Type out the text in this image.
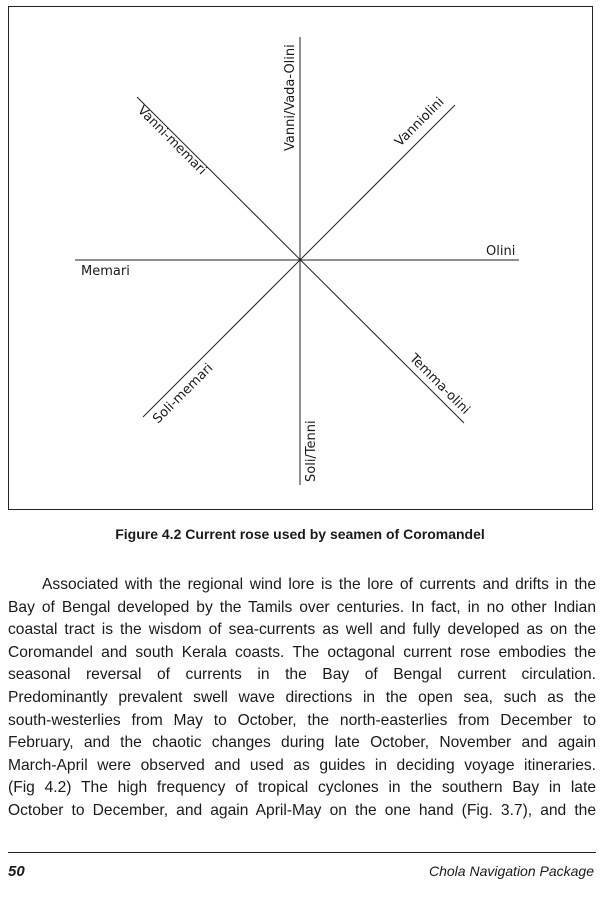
Vanni/Vada-Olini	Vanniolini
Olini
Temma-olini
Soli/Tenni
Soli-memari
Memari
Vanni-memari
Figure 4.2 Current rose used by seamen of Coromandel
Associated with the regional wind lore is the lore of currents and drifts in the
Bay of Bengal developed by the Tamils over centuries. In fact, in no other Indian
coastal tract is the wisdom of sea-currents as well and fully developed as on the
Coromandel and south Kerala coasts. The octagonal current rose embodies the
seasonal reversal of currents in the Bay of Bengal current circulation.
Predominantly prevalent swell wave directions in the open sea, such as the
south-westerlies from May to October, the north-easterlies from December to
February, and the chaotic changes during late October, November and again
March-April were observed and used as guides in deciding voyage itineraries.
(Fig 4.2) The high frequency of tropical cyclones in the southern Bay in late
October to December, and again April-May on the one hand (Fig. 3.7), and the
50	Chola Navigation Package
